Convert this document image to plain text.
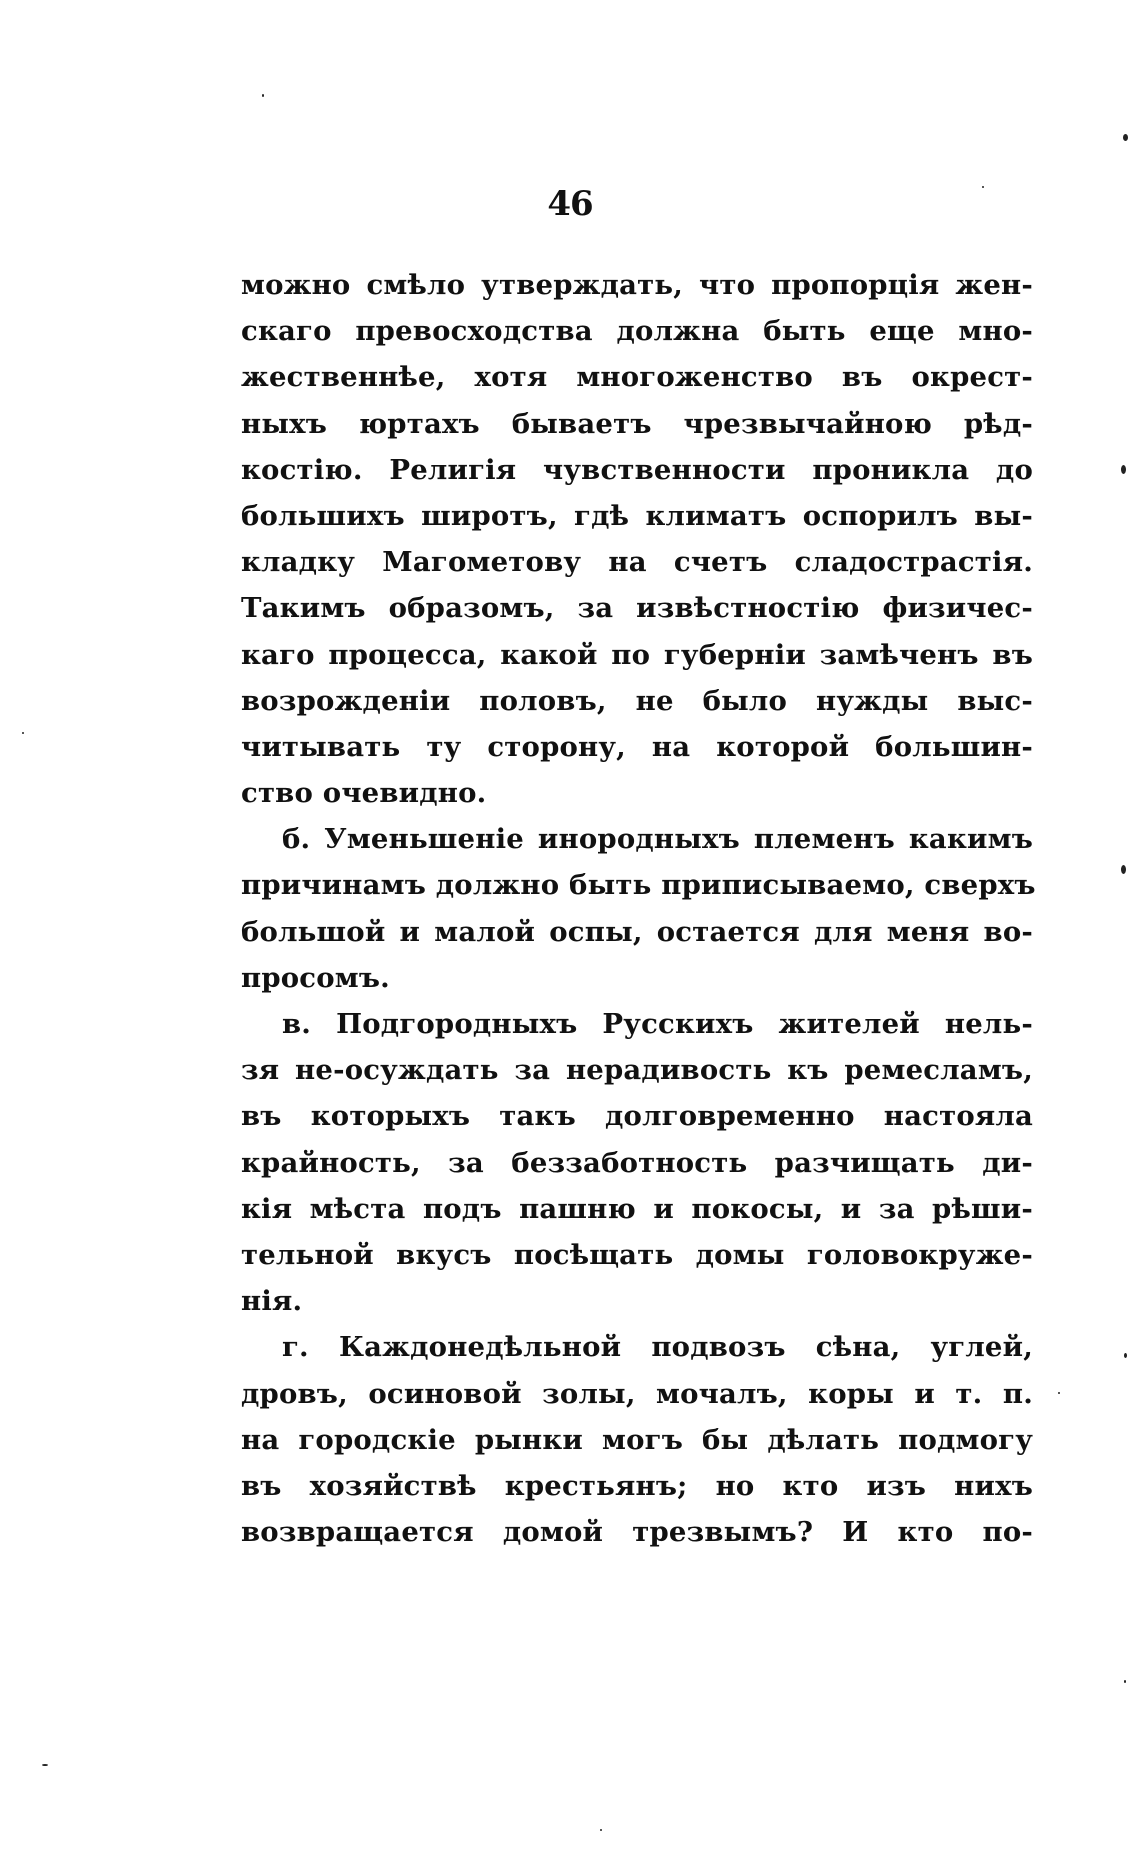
46
можно смѣло утверждать, что пропорція жен-
скаго превосходства должна быть еще мно-
жественнѣе, хотя многоженство въ окрест-
ныхъ юртахъ бываетъ чрезвычайною рѣд-
костію. Религія чувственности проникла до
большихъ широтъ, гдѣ климатъ оспорилъ вы-
кладку Магометову на счетъ сладострастія.
Такимъ образомъ, за извѣстностію физичес-
каго процесса, какой по губерніи замѣченъ въ
возрожденіи половъ, не было нужды выс-
читывать ту сторону, на которой большин-
ство очевидно.
б. Уменьшеніе инородныхъ племенъ какимъ
причинамъ должно быть приписываемо, сверхъ
большой и малой оспы, остается для меня во-
просомъ.
в. Подгородныхъ Русскихъ жителей нель-
зя не-осуждать за нерадивость къ ремесламъ,
въ которыхъ такъ долговременно настояла
крайность, за беззаботность разчищать ди-
кія мѣста подъ пашню и покосы, и за рѣши-
тельной вкусъ посѣщать домы головокруже-
нія.
г. Каждонедѣльной подвозъ сѣна, углей,
дровъ, осиновой золы, мочалъ, коры и т. п.
на городскіе рынки могъ бы дѣлать подмогу
въ хозяйствѣ крестьянъ; но кто изъ нихъ
возвращается домой трезвымъ? И кто по-
